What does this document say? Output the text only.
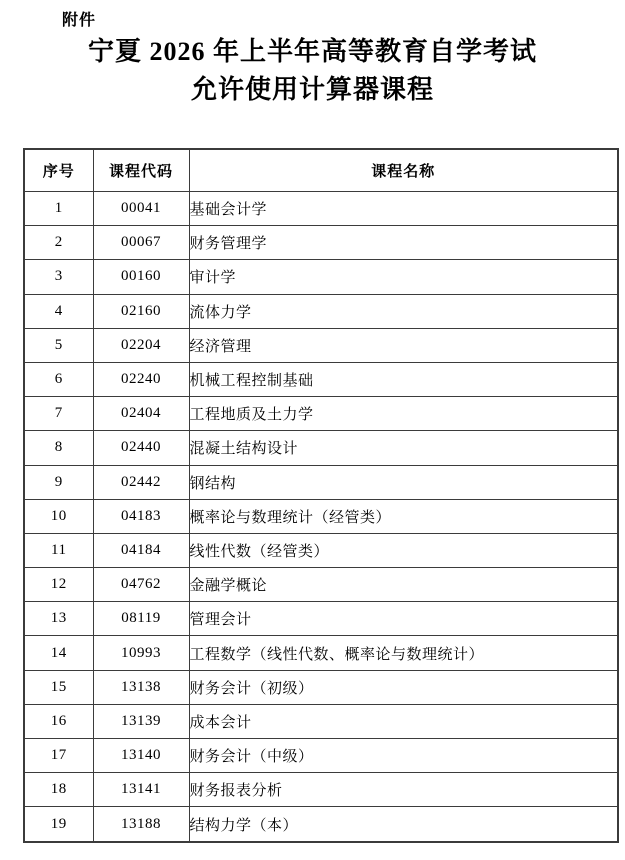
附件
宁夏 2026 年上半年高等教育自学考试
允许使用计算器课程
序号	课程代码	课程名称
1	00041	基础会计学
2	00067	财务管理学
3	00160	审计学
4	02160	流体力学
5	02204	经济管理
6	02240	机械工程控制基础
7	02404	工程地质及土力学
8	02440	混凝土结构设计
9	02442	钢结构
10	04183	概率论与数理统计（经管类）
11	04184	线性代数（经管类）
12	04762	金融学概论
13	08119	管理会计
14	10993	工程数学（线性代数、概率论与数理统计）
15	13138	财务会计（初级）
16	13139	成本会计
17	13140	财务会计（中级）
18	13141	财务报表分析
19	13188	结构力学（本）
